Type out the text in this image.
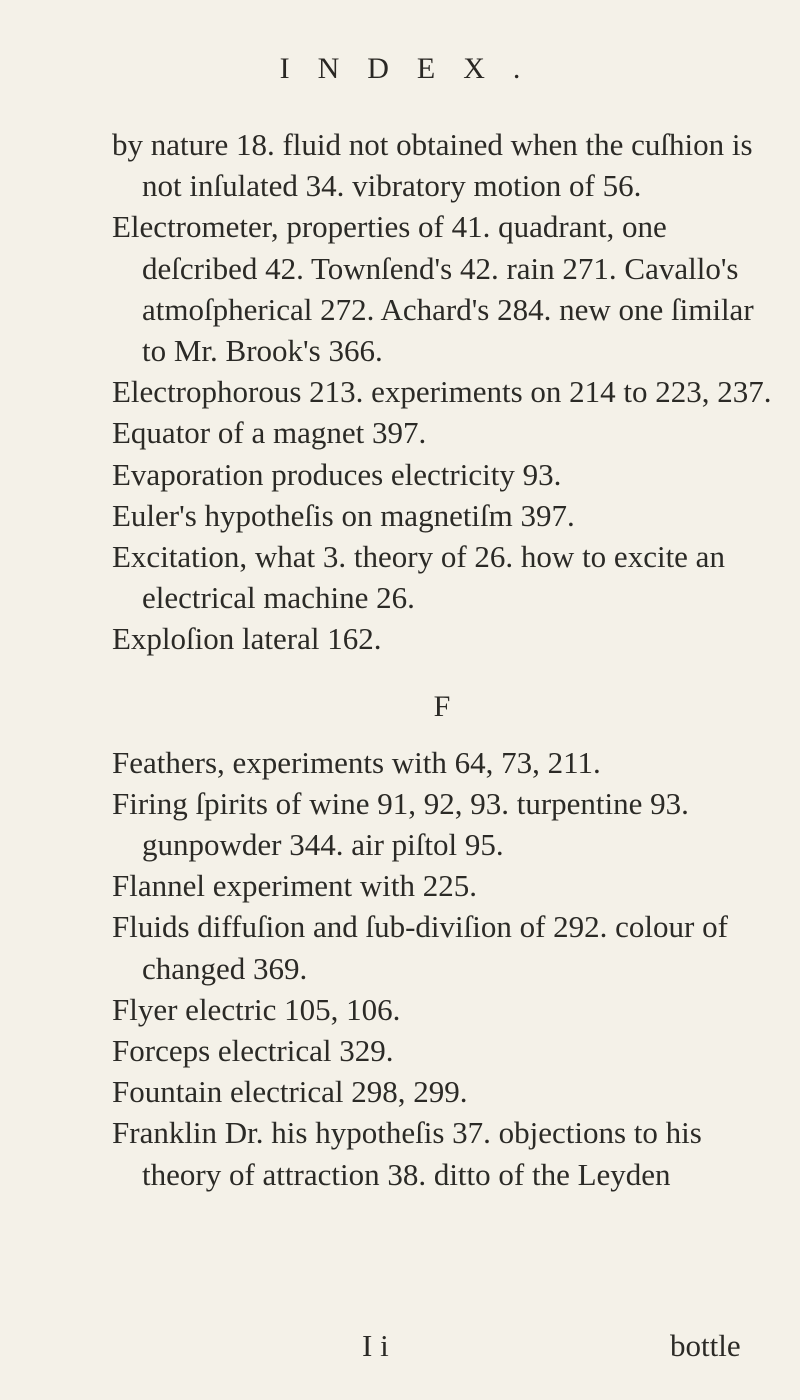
INDEX.

by nature 18. fluid not obtained when the cuſhion is not inſulated 34. vibratory motion of 56.

Electrometer, properties of 41. quadrant, one deſcribed 42. Townſend's 42. rain 271. Cavallo's atmoſpherical 272. Achard's 284. new one ſimilar to Mr. Brook's 366.

Electrophorous 213. experiments on 214 to 223, 237.

Equator of a magnet 397.

Evaporation produces electricity 93.

Euler's hypotheſis on magnetiſm 397.

Excitation, what 3. theory of 26. how to excite an electrical machine 26.

Exploſion lateral 162.

F

Feathers, experiments with 64, 73, 211.

Firing ſpirits of wine 91, 92, 93. turpentine 93. gunpowder 344. air piſtol 95.

Flannel experiment with 225.

Fluids diffuſion and ſub-diviſion of 292. colour of changed 369.

Flyer electric 105, 106.

Forceps electrical 329.

Fountain electrical 298, 299.

Franklin Dr. his hypotheſis 37. objections to his theory of attraction 38. ditto of the Leyden

I i	bottle
